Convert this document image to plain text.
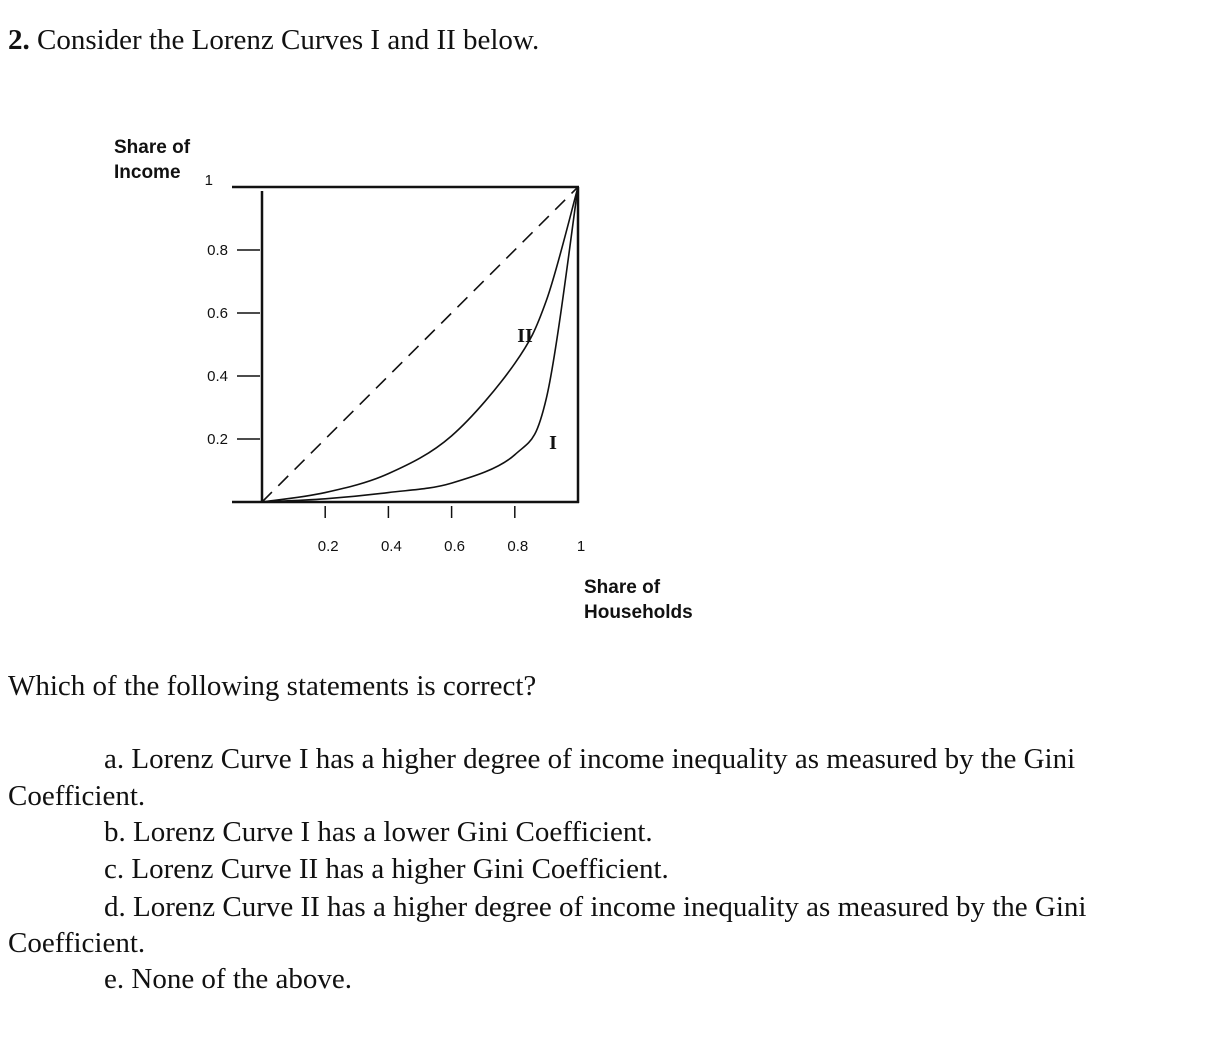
2. Consider the Lorenz Curves I and II below.
Share of
Income
Share of
Households
1
0.8
0.6
0.4
0.2
0.2	0.4	0.6	0.8	1
II
I
Which of the following statements is correct?
a. Lorenz Curve I has a higher degree of income inequality as measured by the Gini
Coefficient.
b. Lorenz Curve I has a lower Gini Coefficient.
c. Lorenz Curve II has a higher Gini Coefficient.
d. Lorenz Curve II has a higher degree of income inequality as measured by the Gini
Coefficient.
e. None of the above.
